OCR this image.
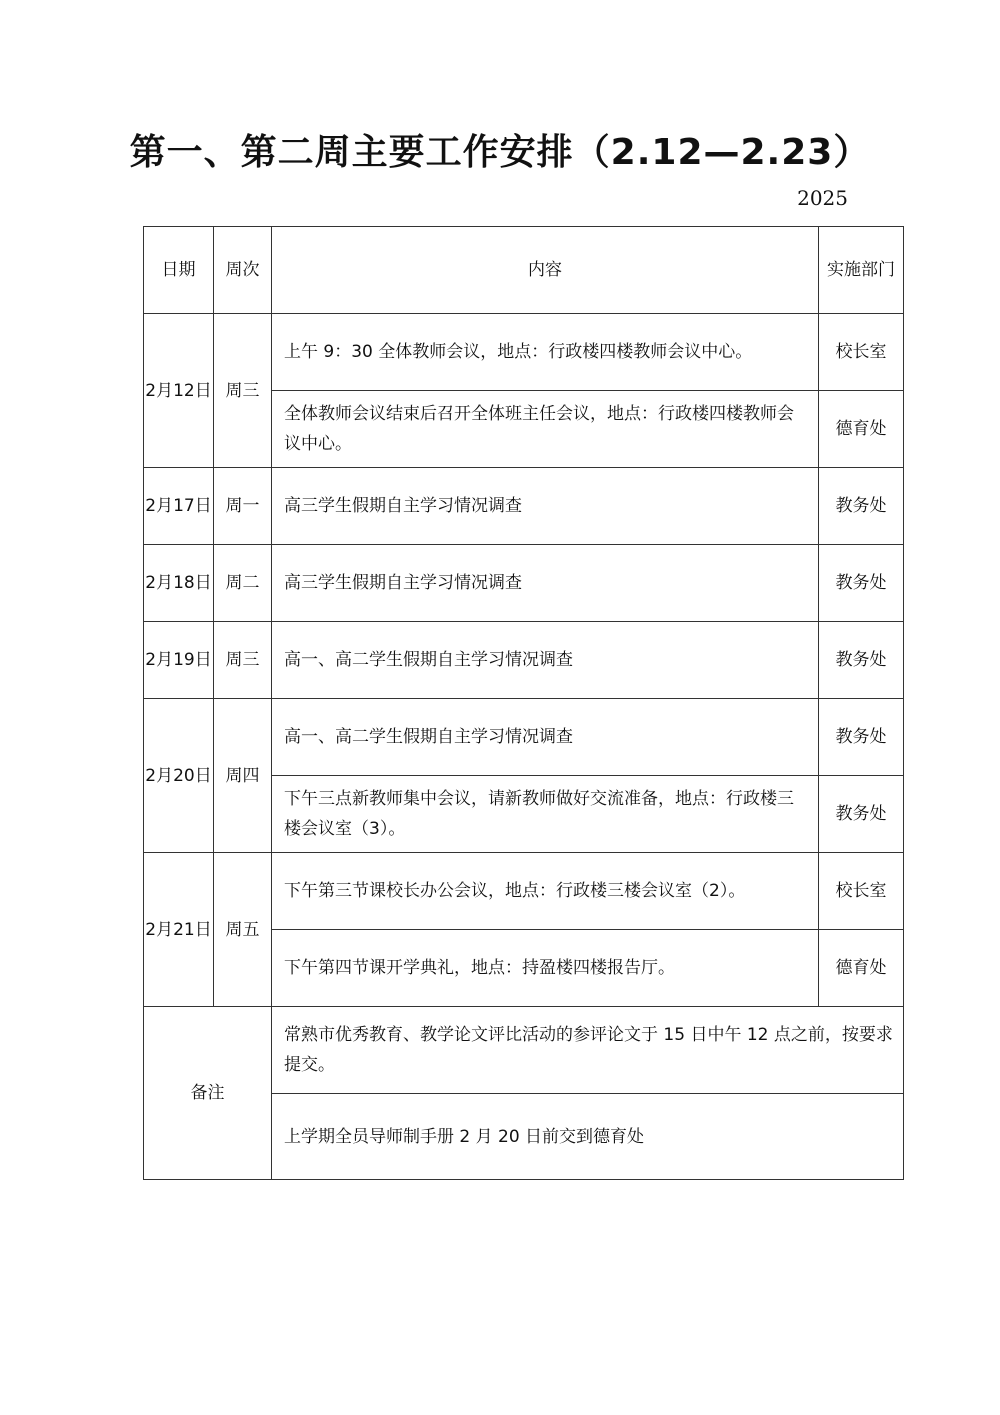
第一、第二周主要工作安排（2.12—2.23）
2025
日期	周次	内容	实施部门
2月12日	周三	上午 9：30 全体教师会议，地点：行政楼四楼教师会议中心。	校长室
		全体教师会议结束后召开全体班主任会议，地点：行政楼四楼教师会议中心。	德育处
2月17日	周一	高三学生假期自主学习情况调查	教务处
2月18日	周二	高三学生假期自主学习情况调查	教务处
2月19日	周三	高一、高二学生假期自主学习情况调查	教务处
2月20日	周四	高一、高二学生假期自主学习情况调查	教务处
		下午三点新教师集中会议，请新教师做好交流准备，地点：行政楼三楼会议室（3）。	教务处
2月21日	周五	下午第三节课校长办公会议，地点：行政楼三楼会议室（2）。	校长室
		下午第四节课开学典礼，地点：持盈楼四楼报告厅。	德育处
备注		常熟市优秀教育、教学论文评比活动的参评论文于 15 日中午 12 点之前，按要求提交。	
		上学期全员导师制手册 2 月 20 日前交到德育处	
